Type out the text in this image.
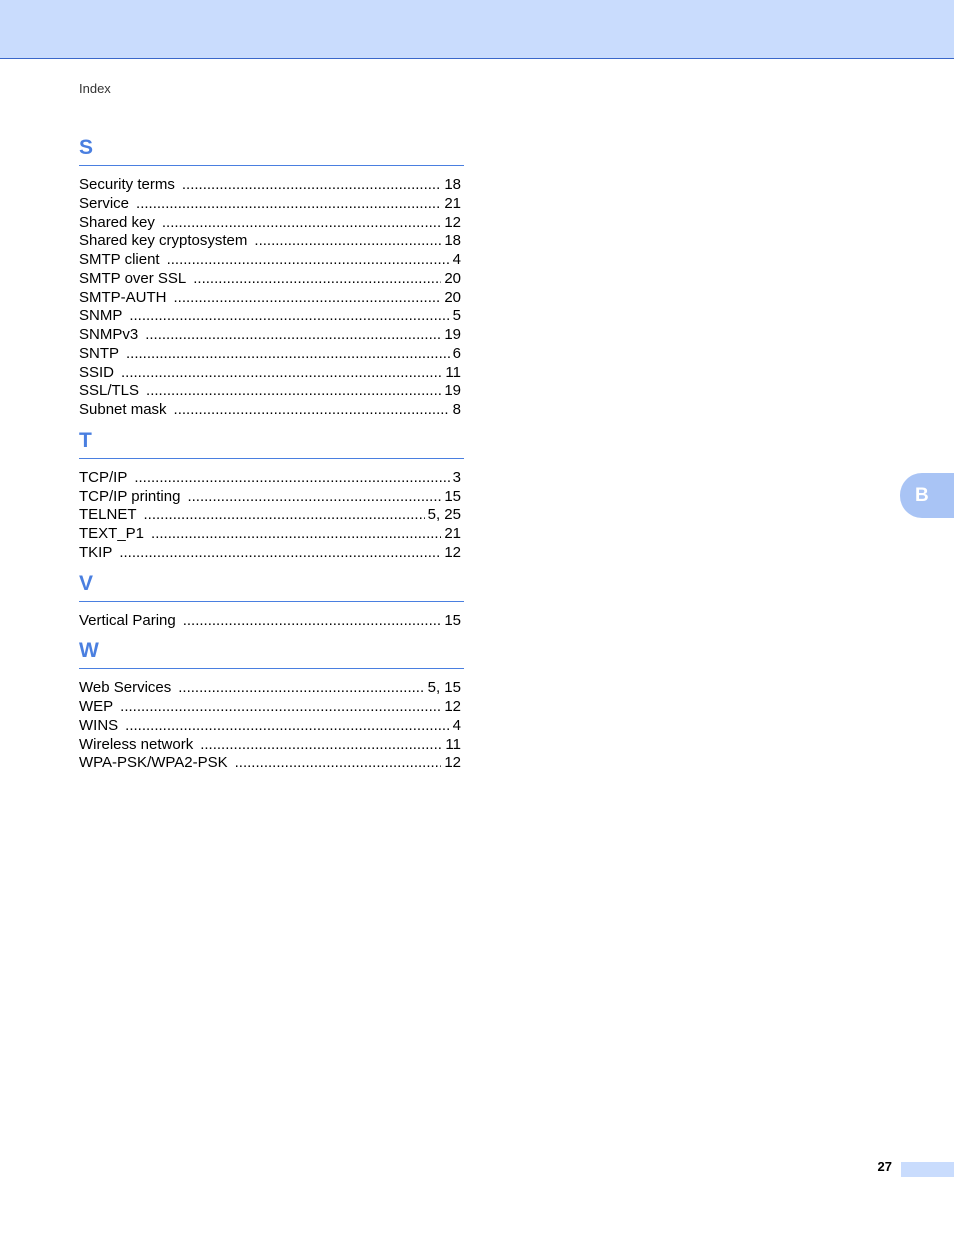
Index
S
Security terms .....	18
Service .....	21
Shared key .....	12
Shared key cryptosystem .....	18
SMTP client .....	4
SMTP over SSL .....	20
SMTP-AUTH .....	20
SNMP .....	5
SNMPv3 .....	19
SNTP .....	6
SSID .....	11
SSL/TLS .....	19
Subnet mask .....	8
T
TCP/IP .....	3
TCP/IP printing .....	15
TELNET .....	5, 25
TEXT_P1 .....	21
TKIP .....	12
V
Vertical Paring .....	15
W
Web Services .....	5, 15
WEP .....	12
WINS .....	4
Wireless network .....	11
WPA-PSK/WPA2-PSK .....	12
B
27
